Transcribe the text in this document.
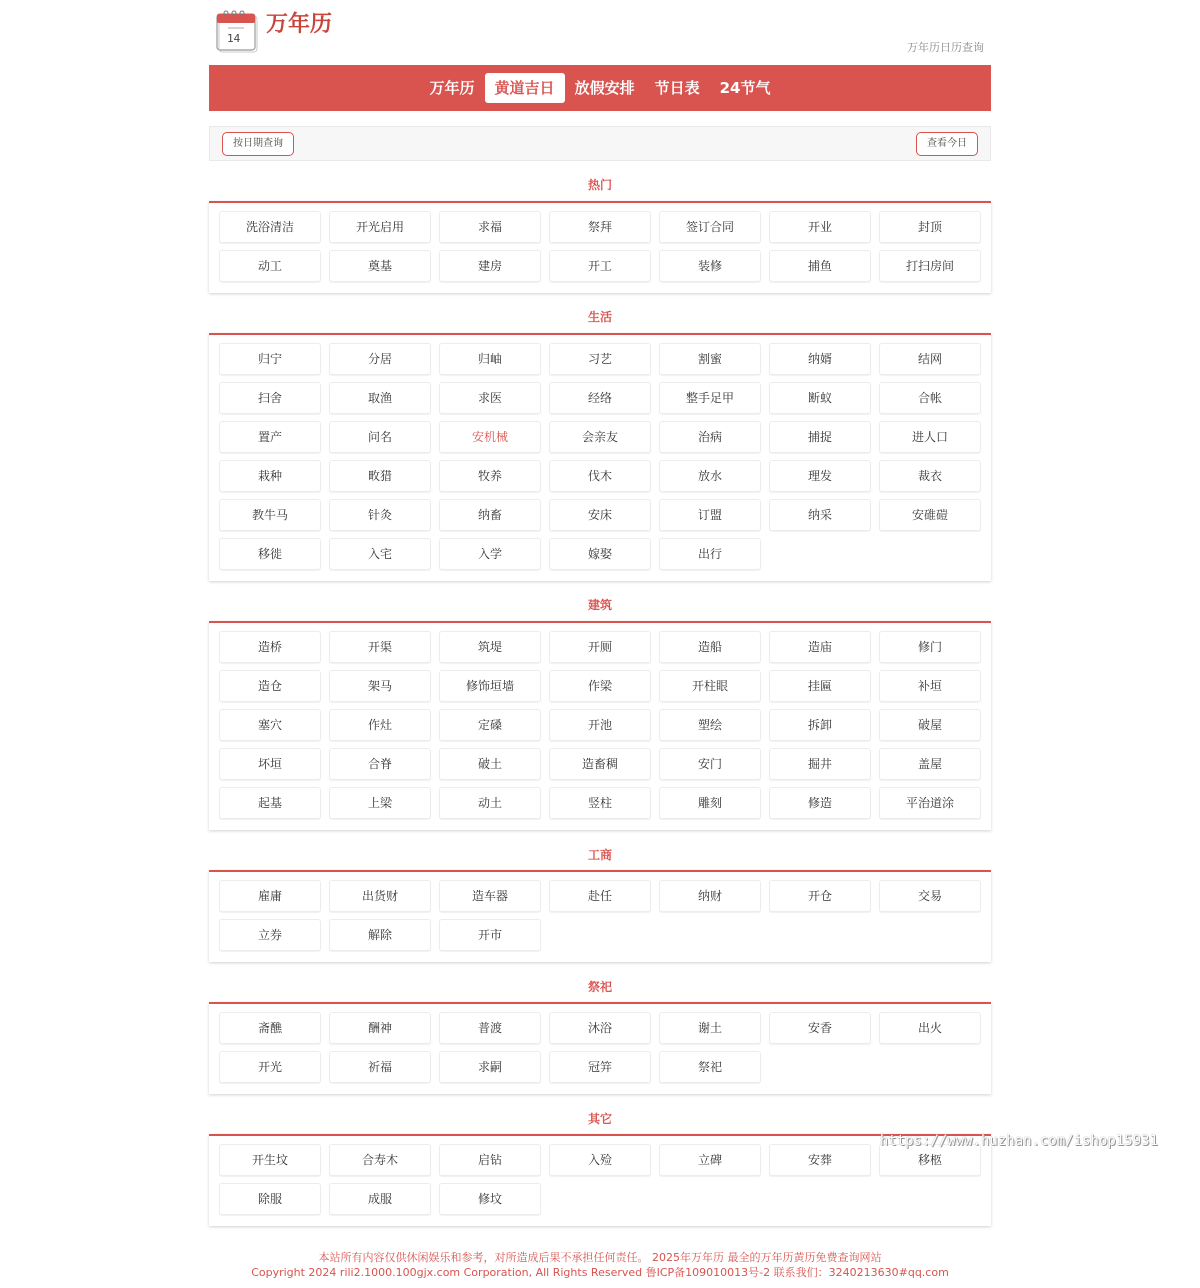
14
万年历
万年历日历查询
万年历	黄道吉日	放假安排	节日表	24节气
按日期查询	查看今日
热门
洗浴清洁	开光启用	求福	祭拜	签订合同	开业	封顶
动工	奠基	建房	开工	装修	捕鱼	打扫房间
生活
归宁	分居	归岫	习艺	割蜜	纳婿	结网
扫舍	取渔	求医	经络	整手足甲	断蚁	合帐
置产	问名	安机械	会亲友	治病	捕捉	进人口
栽种	畋猎	牧养	伐木	放水	理发	裁衣
教牛马	针灸	纳畜	安床	订盟	纳采	安碓磑
移徙	入宅	入学	嫁娶	出行
建筑
造桥	开渠	筑堤	开厕	造船	造庙	修门
造仓	架马	修饰垣墙	作梁	开柱眼	挂匾	补垣
塞穴	作灶	定磉	开池	塑绘	拆卸	破屋
坏垣	合脊	破土	造畜稠	安门	掘井	盖屋
起基	上梁	动土	竖柱	雕刻	修造	平治道涂
工商
雇庸	出货财	造车器	赴任	纳财	开仓	交易
立券	解除	开市
祭祀
斋醮	酬神	普渡	沐浴	谢土	安香	出火
开光	祈福	求嗣	冠笄	祭祀
其它
开生坟	合寿木	启钻	入殓	立碑	安葬	移柩
除服	成服	修坟
https://www.huzhan.com/ishop15931
本站所有内容仅供休闲娱乐和参考，对所造成后果不承担任何责任。 2025年万年历 最全的万年历黄历免费查询网站
Copyright 2024 rili2.1000.100gjx.com Corporation, All Rights Reserved 鲁ICP备109010013号-2 联系我们：3240213630#qq.com
